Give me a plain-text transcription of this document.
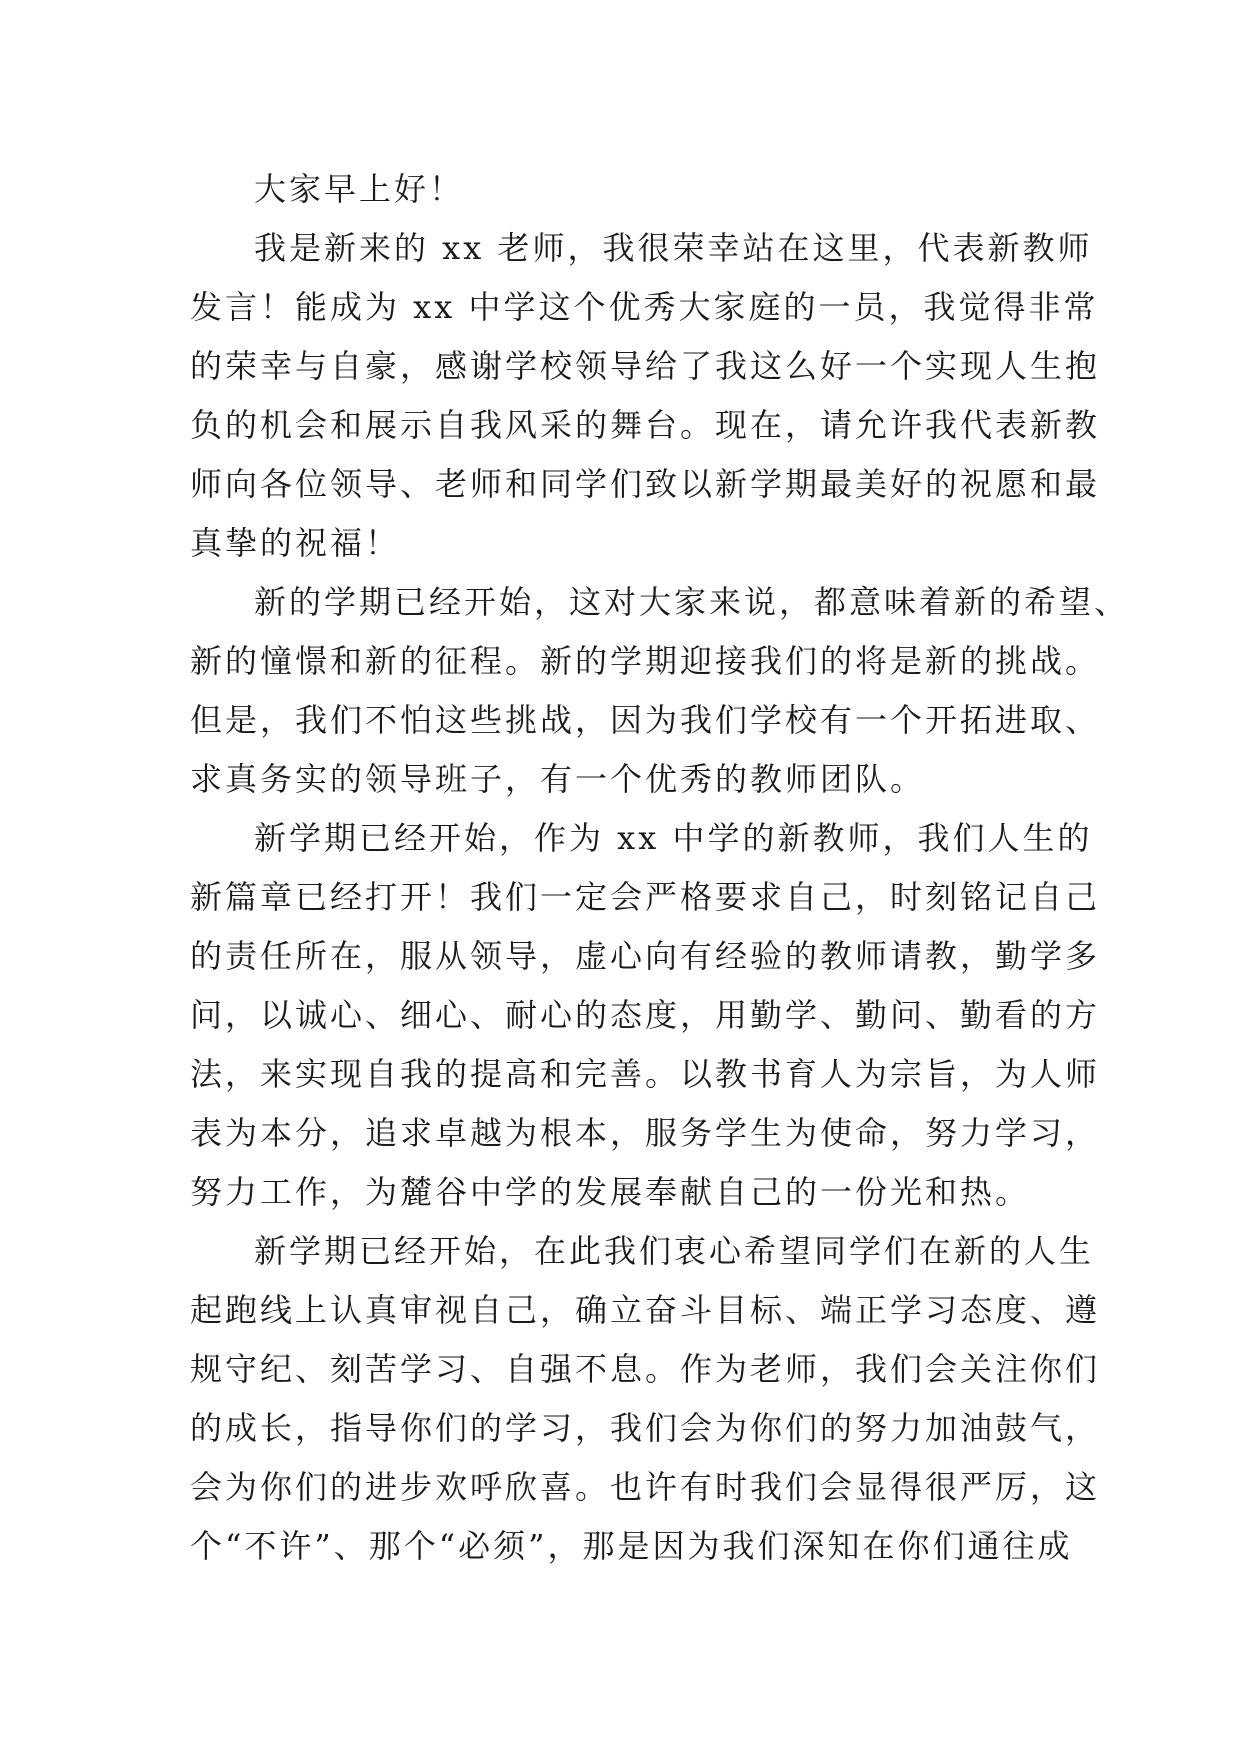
大家早上好！
我是新来的 xx 老师，我很荣幸站在这里，代表新教师
发言！能成为 xx 中学这个优秀大家庭的一员，我觉得非常
的荣幸与自豪，感谢学校领导给了我这么好一个实现人生抱
负的机会和展示自我风采的舞台。现在，请允许我代表新教
师向各位领导、老师和同学们致以新学期最美好的祝愿和最
真挚的祝福！
新的学期已经开始，这对大家来说，都意味着新的希望、
新的憧憬和新的征程。新的学期迎接我们的将是新的挑战。
但是，我们不怕这些挑战，因为我们学校有一个开拓进取、
求真务实的领导班子，有一个优秀的教师团队。
新学期已经开始，作为 xx 中学的新教师，我们人生的
新篇章已经打开！我们一定会严格要求自己，时刻铭记自己
的责任所在，服从领导，虚心向有经验的教师请教，勤学多
问，以诚心、细心、耐心的态度，用勤学、勤问、勤看的方
法，来实现自我的提高和完善。以教书育人为宗旨，为人师
表为本分，追求卓越为根本，服务学生为使命，努力学习，
努力工作，为麓谷中学的发展奉献自己的一份光和热。
新学期已经开始，在此我们衷心希望同学们在新的人生
起跑线上认真审视自己，确立奋斗目标、端正学习态度、遵
规守纪、刻苦学习、自强不息。作为老师，我们会关注你们
的成长，指导你们的学习，我们会为你们的努力加油鼓气，
会为你们的进步欢呼欣喜。也许有时我们会显得很严厉，这
个“不许”、那个“必须”，那是因为我们深知在你们通往成
